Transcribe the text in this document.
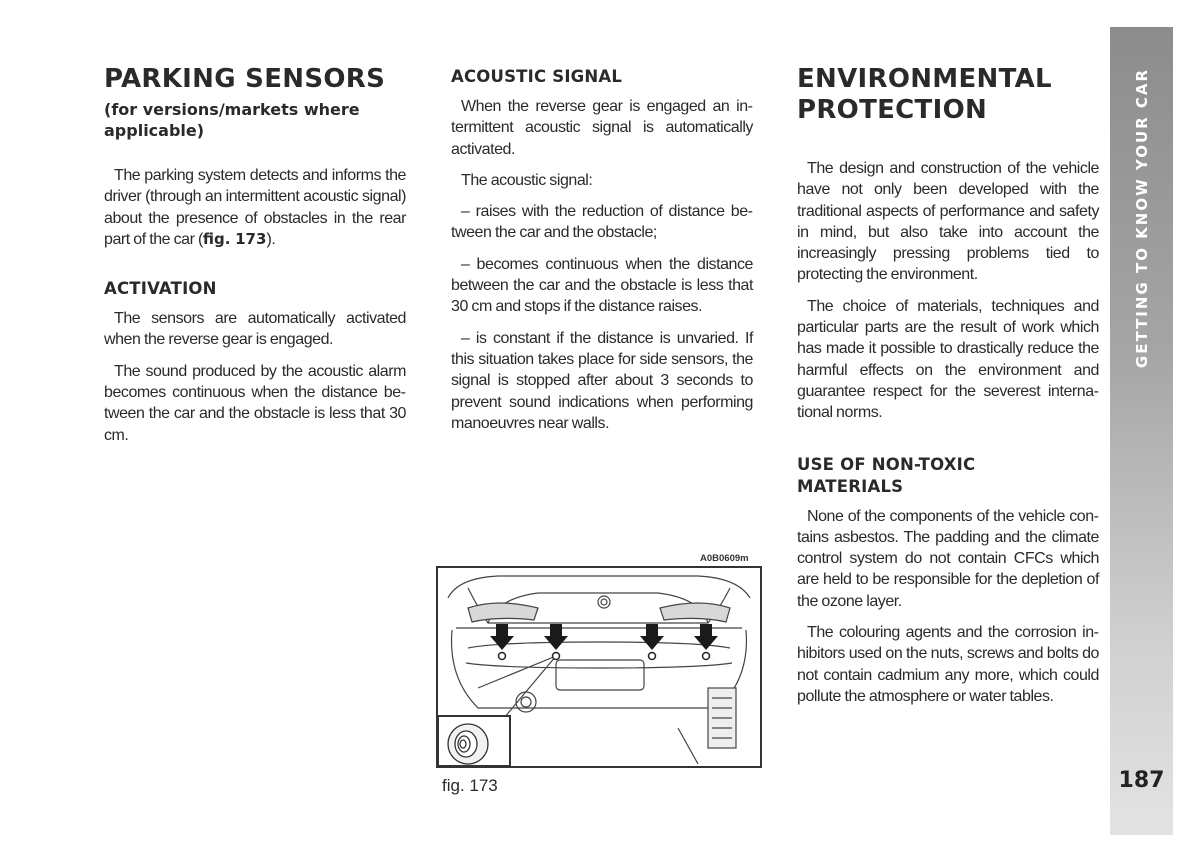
PARKING SENSORS
(for versions/markets where applicable)

The parking system detects and informs the driver (through an intermittent acoustic signal) about the presence of obstacles in the rear part of the car (fig. 173).

ACTIVATION

The sensors are automatically activated when the reverse gear is engaged.

The sound produced by the acoustic alarm becomes continuous when the distance between the car and the obstacle is less that 30 cm.

ACOUSTIC SIGNAL

When the reverse gear is engaged an intermittent acoustic signal is automatically activated.

The acoustic signal:

– raises with the reduction of distance between the car and the obstacle;

– becomes continuous when the distance between the car and the obstacle is less that 30 cm and stops if the distance raises.

– is constant if the distance is unvaried. If this situation takes place for side sensors, the signal is stopped after about 3 seconds to prevent sound indications when performing manoeuvres near walls.

A0B0609m
fig. 173
ENVIRONMENTAL PROTECTION

The design and construction of the vehicle have not only been developed with the traditional aspects of performance and safety in mind, but also take into account the increasingly pressing problems tied to protecting the environment.

The choice of materials, techniques and particular parts are the result of work which has made it possible to drastically reduce the harmful effects on the environment and guarantee respect for the severest international norms.

USE OF NON-TOXIC MATERIALS

None of the components of the vehicle contains asbestos. The padding and the climate control system do not contain CFCs which are held to be responsible for the depletion of the ozone layer.

The colouring agents and the corrosion inhibitors used on the nuts, screws and bolts do not contain cadmium any more, which could pollute the atmosphere or water tables.

GETTING TO KNOW YOUR CAR
187
